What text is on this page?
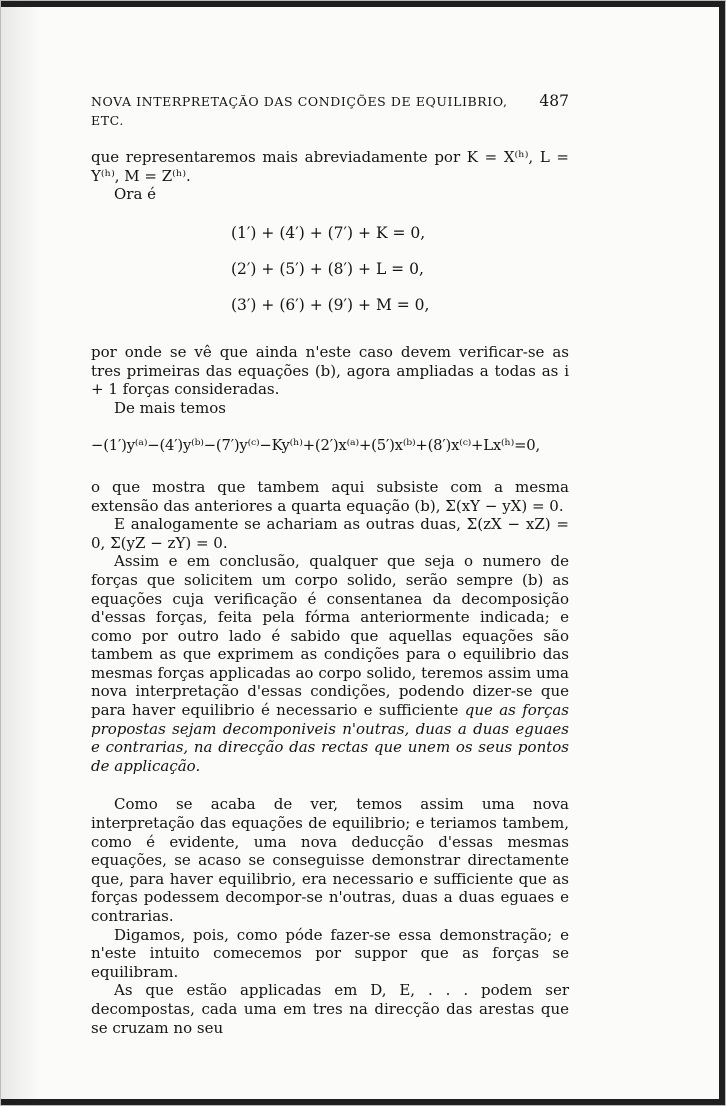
NOVA INTERPRETAÇÃO DAS CONDIÇÕES DE EQUILIBRIO, ETC.
487

que representaremos mais abreviadamente por K = X⁽ʰ⁾, L = Y⁽ʰ⁾, M = Z⁽ʰ⁾.

Ora é

(1′) + (4′) + (7′) + K = 0,
(2′) + (5′) + (8′) + L = 0,
(3′) + (6′) + (9′) + M = 0,

por onde se vê que ainda n'este caso devem verificar-se as tres primeiras das equações (b), agora ampliadas a todas as i + 1 forças consideradas.

De mais temos

−(1′)y⁽ᵃ⁾−(4′)y⁽ᵇ⁾−(7′)y⁽ᶜ⁾−Ky⁽ʰ⁾+(2′)x⁽ᵃ⁾+(5′)x⁽ᵇ⁾+(8′)x⁽ᶜ⁾+Lx⁽ʰ⁾=0,

o que mostra que tambem aqui subsiste com a mesma extensão das anteriores a quarta equação (b), Σ(xY − yX) = 0.

E analogamente se achariam as outras duas, Σ(zX − xZ) = 0, Σ(yZ − zY) = 0.

Assim e em conclusão, qualquer que seja o numero de forças que solicitem um corpo solido, serão sempre (b) as equações cuja verificação é consentanea da decomposição d'essas forças, feita pela fórma anteriormente indicada; e como por outro lado é sabido que aquellas equações são tambem as que exprimem as condições para o equilibrio das mesmas forças applicadas ao corpo solido, teremos assim uma nova interpretação d'essas condições, podendo dizer-se que para haver equilibrio é necessario e sufficiente que as forças propostas sejam decomponiveis n'outras, duas a duas eguaes e contrarias, na direcção das rectas que unem os seus pontos de applicação.

Como se acaba de ver, temos assim uma nova interpretação das equações de equilibrio; e teriamos tambem, como é evidente, uma nova deducção d'essas mesmas equações, se acaso se conseguisse demonstrar directamente que, para haver equilibrio, era necessario e sufficiente que as forças podessem decompor-se n'outras, duas a duas eguaes e contrarias.

Digamos, pois, como póde fazer-se essa demonstração; e n'este intuito comecemos por suppor que as forças se equilibram.

As que estão applicadas em D, E, . . . podem ser decompostas, cada uma em tres na direcção das arestas que se cruzam no seu
